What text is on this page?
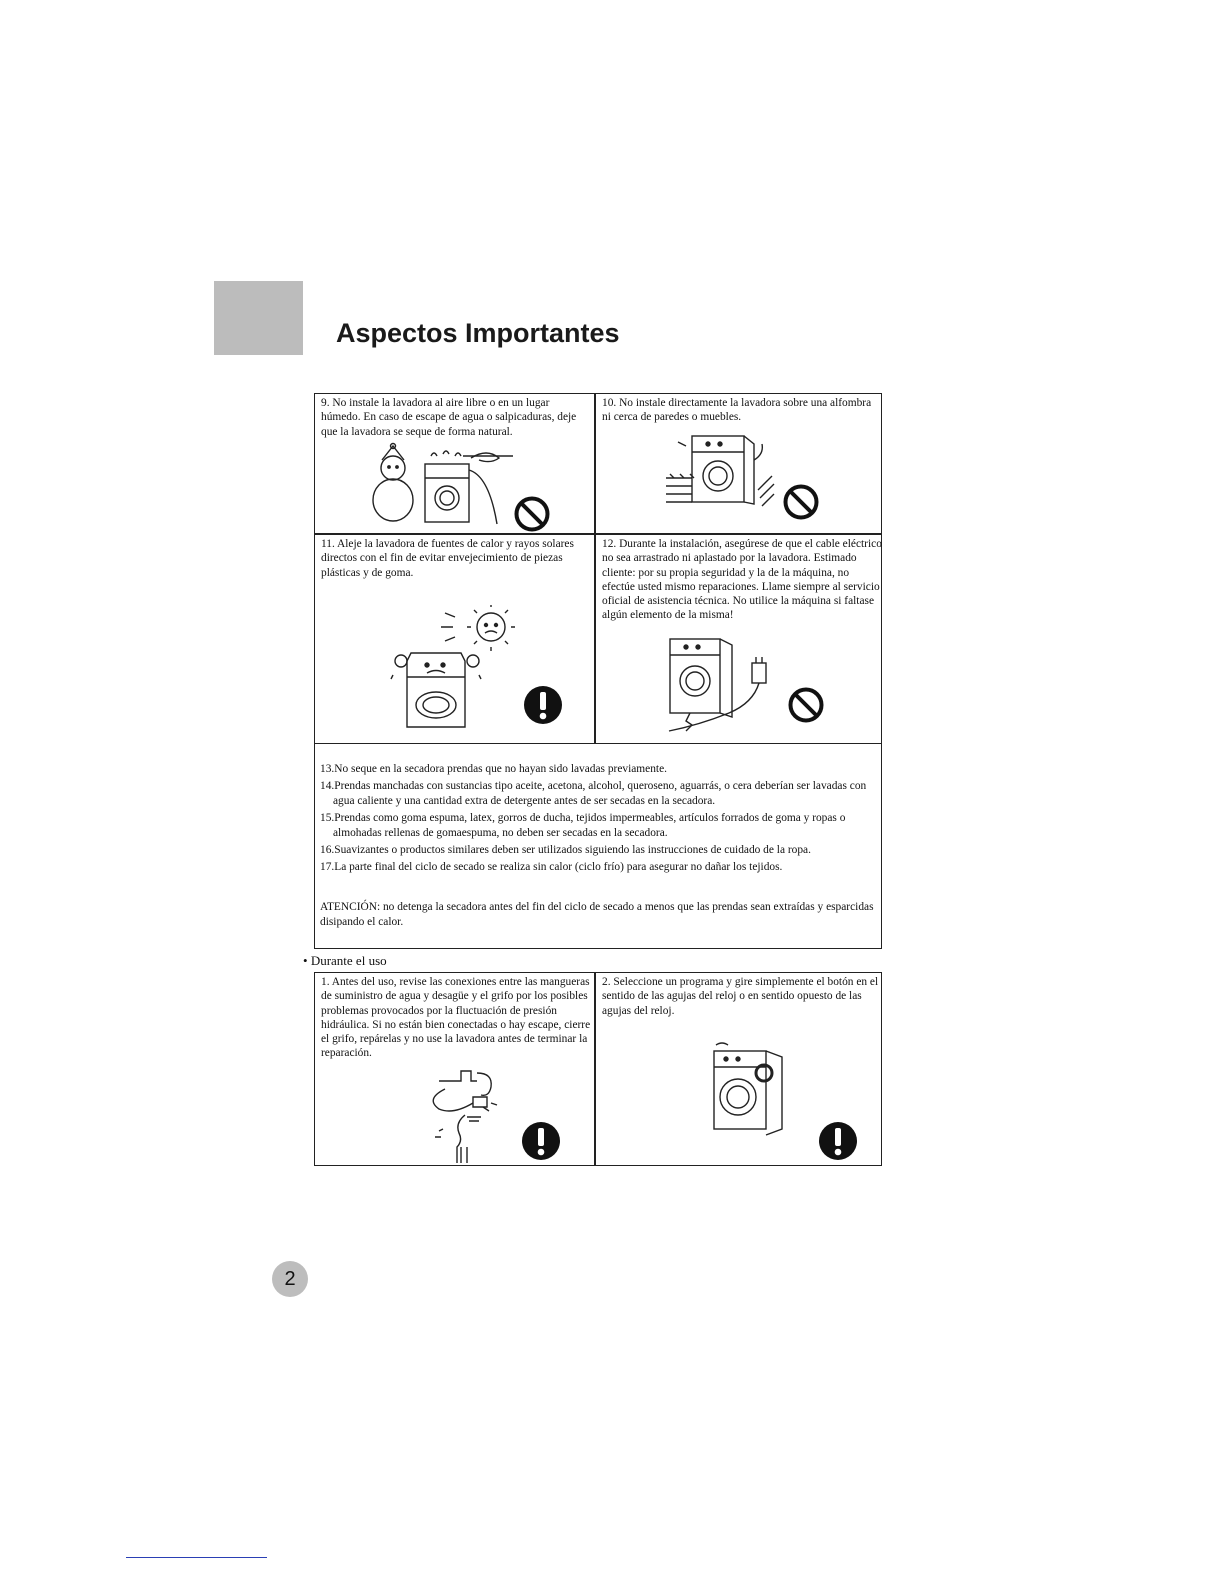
Aspectos Importantes

9. No instale la lavadora al aire libre o en un lugar húmedo. En caso de escape de agua o salpicaduras, deje que la lavadora se seque de forma natural.

10. No instale directamente la lavadora sobre una alfombra ni cerca de paredes o muebles.

11. Aleje la lavadora de fuentes de calor y rayos solares directos con el fin de evitar envejecimiento de piezas plásticas y de goma.

12. Durante la instalación, asegúrese de que el cable eléctrico no sea arrastrado ni aplastado por la lavadora. Estimado cliente: por su propia seguridad y la de la máquina, no efectúe usted mismo reparaciones. Llame siempre al servicio oficial de asistencia técnica. No utilice la máquina si faltase algún elemento de la misma!

13.No seque en la secadora prendas que no hayan sido lavadas previamente.
14.Prendas manchadas con sustancias tipo aceite, acetona, alcohol, queroseno, aguarrás, o cera deberían ser lavadas con agua caliente y una cantidad extra de detergente antes de ser secadas en la secadora.
15.Prendas como goma espuma, latex, gorros de ducha, tejidos impermeables, artículos forrados de goma y ropas o almohadas rellenas de gomaespuma, no deben ser secadas en la secadora.
16.Suavizantes o productos similares deben ser utilizados siguiendo las instrucciones de cuidado de la ropa.
17.La parte final del ciclo de secado se realiza sin calor (ciclo frío) para asegurar no dañar los tejidos.

ATENCIÓN: no detenga la secadora antes del fin del ciclo de secado a menos que las prendas sean extraídas y esparcidas disipando el calor.

• Durante el uso

1. Antes del uso, revise las conexiones entre las mangueras de suministro de agua y desagüe y el grifo por los posibles problemas provocados por la fluctuación de presión hidráulica. Si no están bien conectadas o hay escape, cierre el grifo, repárelas y no use la lavadora antes de terminar la reparación.

2. Seleccione un programa y gire simplemente el botón en el sentido de las agujas del reloj o en sentido opuesto de las agujas del reloj.

2
